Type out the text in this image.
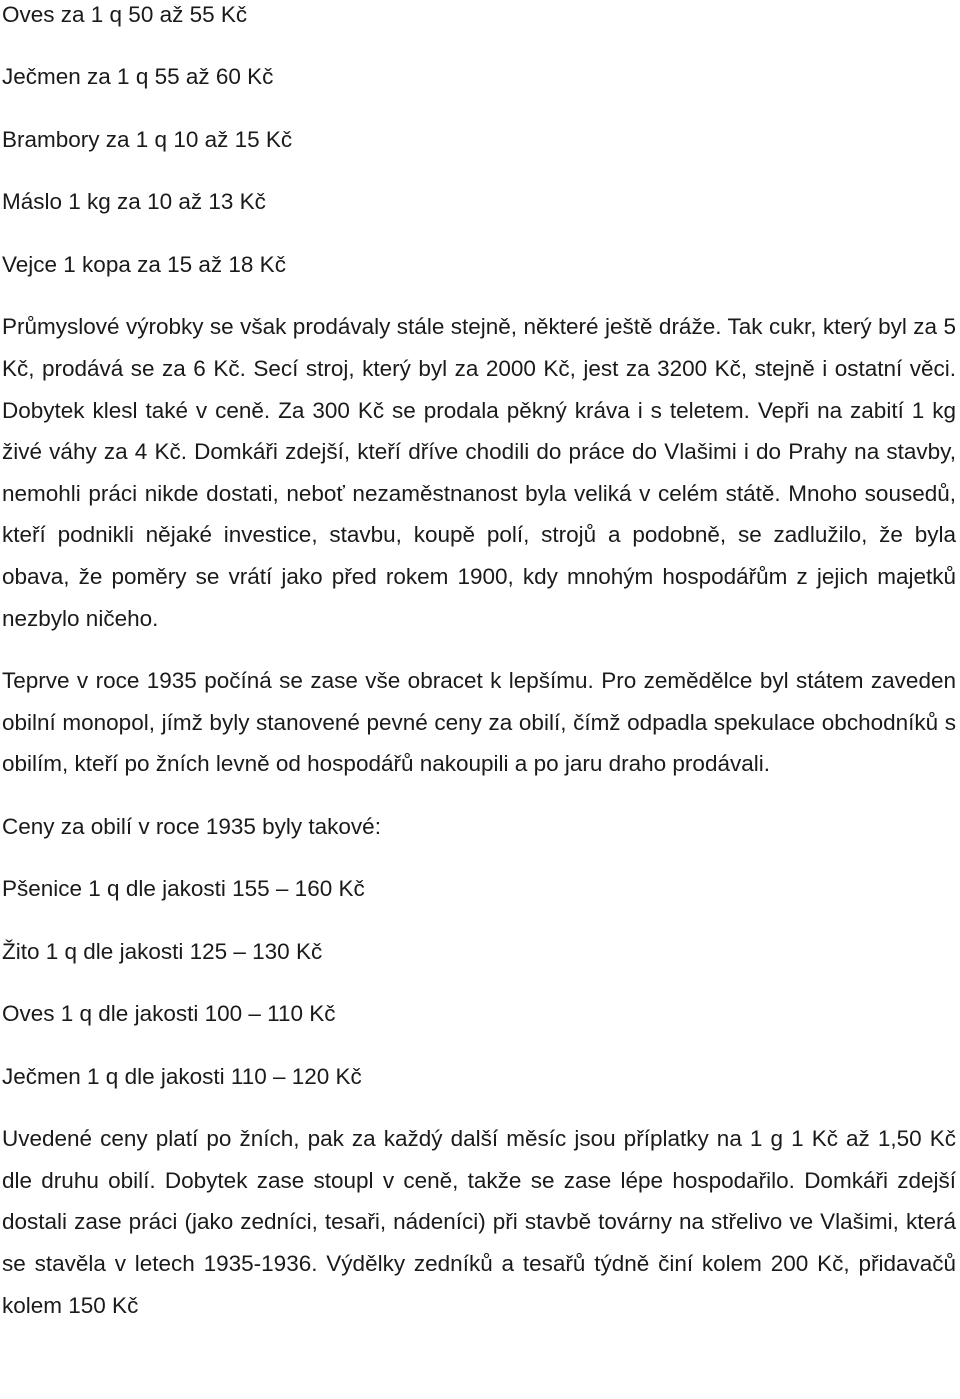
Oves za 1 q 50 až 55 Kč

Ječmen za 1 q 55 až 60 Kč

Brambory za 1 q 10 až 15 Kč

Máslo 1 kg za 10 až 13 Kč

Vejce 1 kopa za 15 až 18 Kč

Průmyslové výrobky se však prodávaly stále stejně, některé ještě dráže. Tak cukr, který byl za 5 Kč, prodává se za 6 Kč. Secí stroj, který byl za 2000 Kč, jest za 3200 Kč, stejně i ostatní věci. Dobytek klesl také v ceně. Za 300 Kč se prodala pěkný kráva i s teletem. Vepři na zabití 1 kg živé váhy za 4 Kč. Domkáři zdejší, kteří dříve chodili do práce do Vlašimi i do Prahy na stavby, nemohli práci nikde dostati, neboť nezaměstnanost byla veliká v celém státě. Mnoho sousedů, kteří podnikli nějaké investice, stavbu, koupě polí, strojů a podobně, se zadlužilo, že byla obava, že poměry se vrátí jako před rokem 1900, kdy mnohým hospodářům z jejich majetků nezbylo ničeho.

Teprve v roce 1935 počíná se zase vše obracet k lepšímu. Pro zemědělce byl státem zaveden obilní monopol, jímž byly stanovené pevné ceny za obilí, čímž odpadla spekulace obchodníků s obilím, kteří po žních levně od hospodářů nakoupili a po jaru draho prodávali.

Ceny za obilí v roce 1935 byly takové:

Pšenice 1 q dle jakosti 155 – 160 Kč

Žito 1 q dle jakosti 125 – 130 Kč

Oves 1 q dle jakosti 100 – 110 Kč

Ječmen 1 q dle jakosti 110 – 120 Kč

Uvedené ceny platí po žních, pak za každý další měsíc jsou příplatky na 1 g 1 Kč až 1,50 Kč dle druhu obilí. Dobytek zase stoupl v ceně, takže se zase lépe hospodařilo. Domkáři zdejší dostali zase práci (jako zedníci, tesaři, nádeníci) při stavbě továrny na střelivo ve Vlašimi, která se stavěla v letech 1935-1936. Výdělky zedníků a tesařů týdně činí kolem 200 Kč, přidavačů kolem 150 Kč
